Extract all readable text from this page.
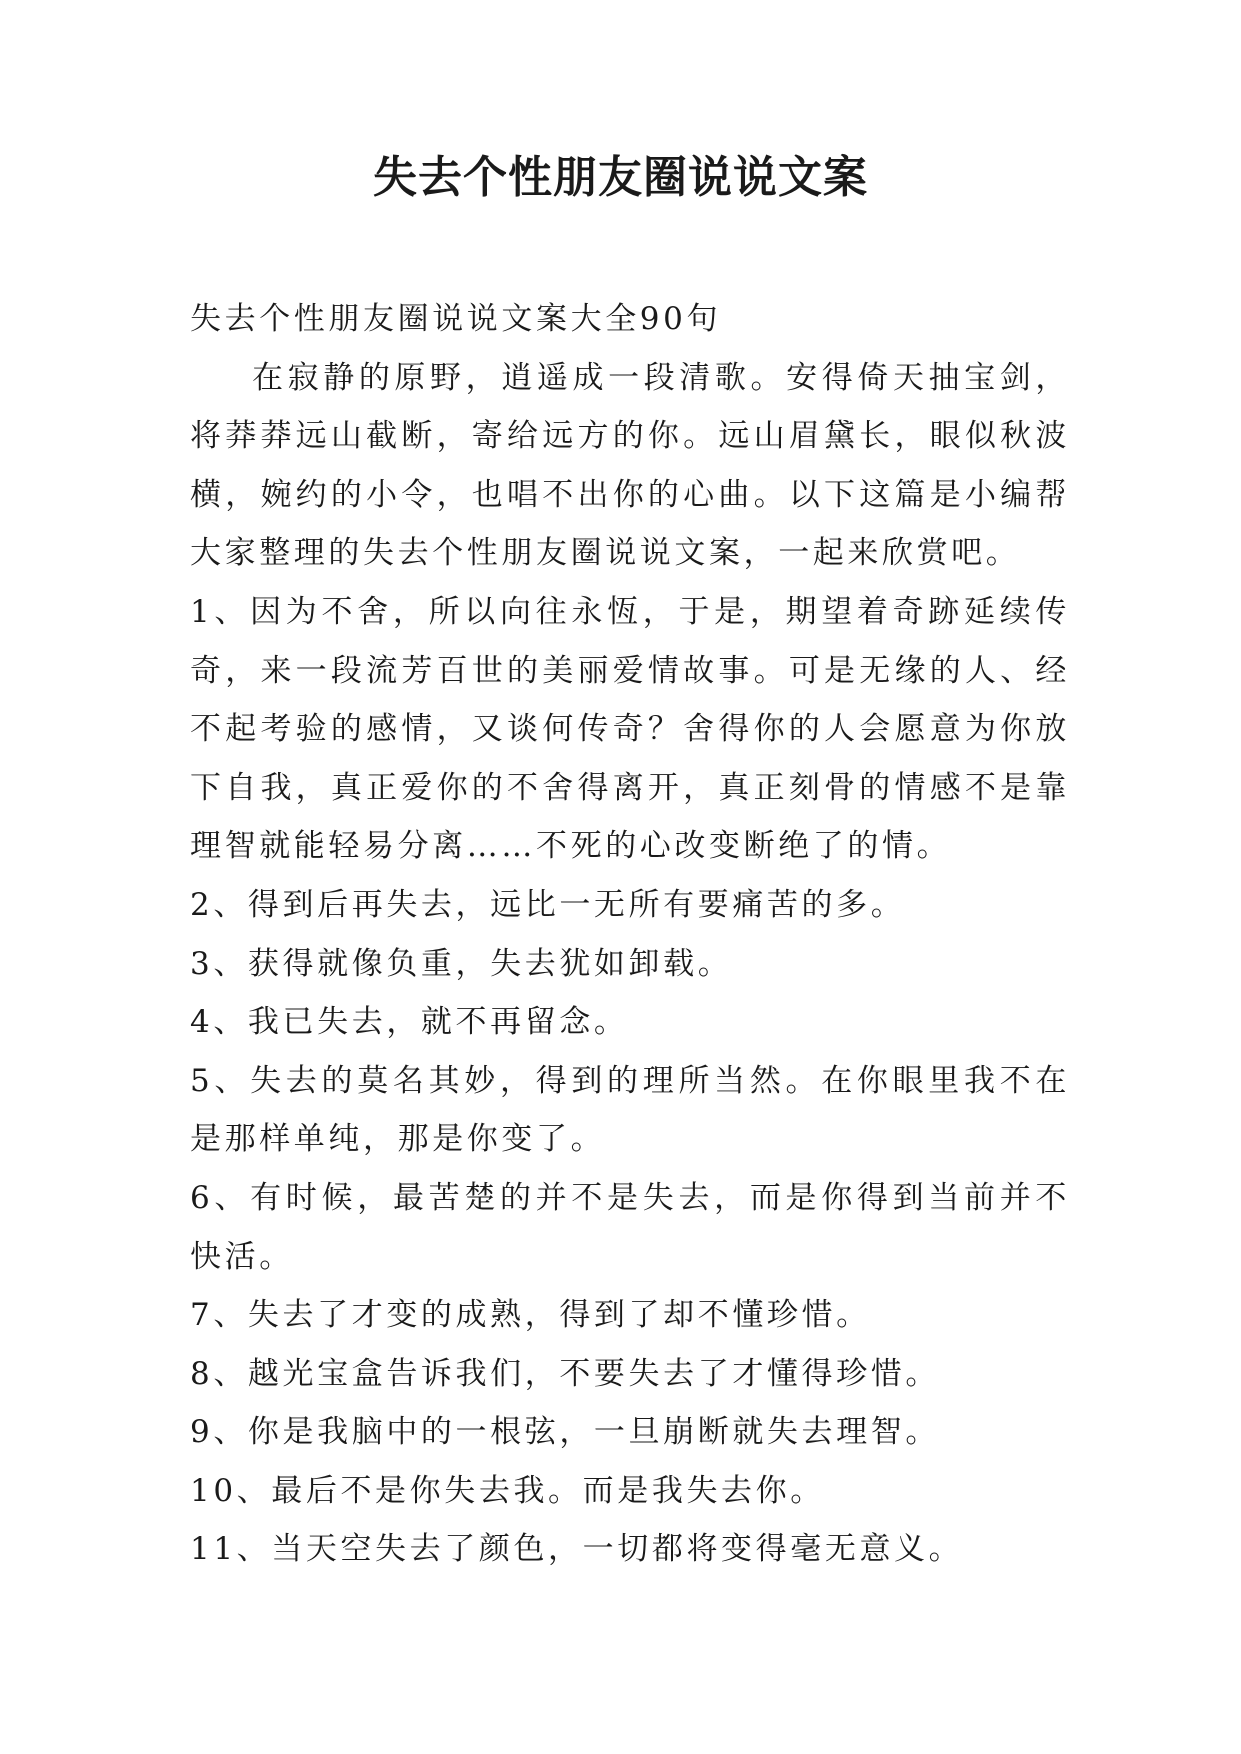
失去个性朋友圈说说文案

失去个性朋友圈说说文案大全90句

在寂静的原野，逍遥成一段清歌。安得倚天抽宝剑，将莽莽远山截断，寄给远方的你。远山眉黛长，眼似秋波横，婉约的小令，也唱不出你的心曲。以下这篇是小编帮大家整理的失去个性朋友圈说说文案，一起来欣赏吧。

1、因为不舍，所以向往永恆，于是，期望着奇跡延续传奇，来一段流芳百世的美丽爱情故事。可是无缘的人、经不起考验的感情，又谈何传奇？舍得你的人会愿意为你放下自我，真正爱你的不舍得离开，真正刻骨的情感不是靠理智就能轻易分离……不死的心改变断绝了的情。

2、得到后再失去，远比一无所有要痛苦的多。

3、获得就像负重，失去犹如卸载。

4、我已失去，就不再留念。

5、失去的莫名其妙，得到的理所当然。在你眼里我不在是那样单纯，那是你变了。

6、有时候，最苦楚的并不是失去，而是你得到当前并不快活。

7、失去了才变的成熟，得到了却不懂珍惜。

8、越光宝盒告诉我们，不要失去了才懂得珍惜。

9、你是我脑中的一根弦，一旦崩断就失去理智。

10、最后不是你失去我。而是我失去你。

11、当天空失去了颜色，一切都将变得毫无意义。
